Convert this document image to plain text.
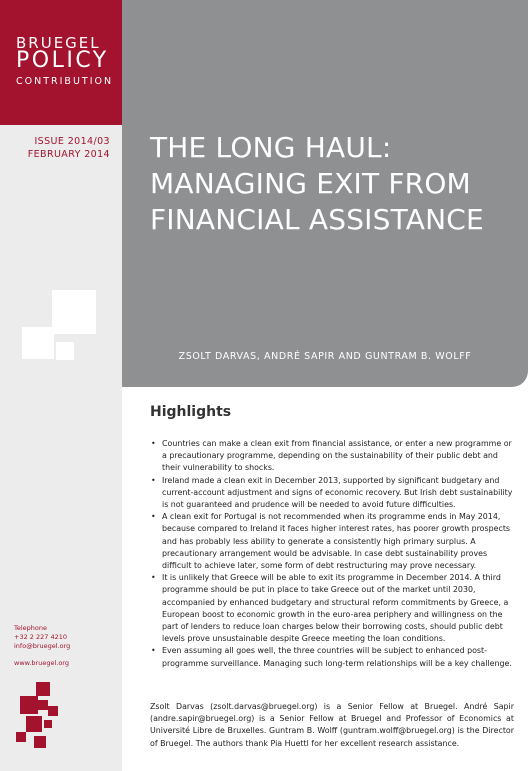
BRUEGEL
POLICY
CONTRIBUTION
ISSUE 2014/03
FEBRUARY 2014
Telephone
+32 2 227 4210
info@bruegel.org
www.bruegel.org
THE LONG HAUL:
MANAGING EXIT FROM
FINANCIAL ASSISTANCE
ZSOLT DARVAS, ANDRÉ SAPIR AND GUNTRAM B. WOLFF
Highlights
• Countries can make a clean exit from financial assistance, or enter a new programme or a precautionary programme, depending on the sustainability of their public debt and their vulnerability to shocks.
• Ireland made a clean exit in December 2013, supported by significant budgetary and current-account adjustment and signs of economic recovery. But Irish debt sustainability is not guaranteed and prudence will be needed to avoid future difficulties.
• A clean exit for Portugal is not recommended when its programme ends in May 2014, because compared to Ireland it faces higher interest rates, has poorer growth prospects and has probably less ability to generate a consistently high primary surplus. A precautionary arrangement would be advisable. In case debt sustainability proves difficult to achieve later, some form of debt restructuring may prove necessary.
• It is unlikely that Greece will be able to exit its programme in December 2014. A third programme should be put in place to take Greece out of the market until 2030, accompanied by enhanced budgetary and structural reform commitments by Greece, a European boost to economic growth in the euro-area periphery and willingness on the part of lenders to reduce loan charges below their borrowing costs, should public debt levels prove unsustainable despite Greece meeting the loan conditions.
• Even assuming all goes well, the three countries will be subject to enhanced post-programme surveillance. Managing such long-term relationships will be a key challenge.

Zsolt Darvas (zsolt.darvas@bruegel.org) is a Senior Fellow at Bruegel. André Sapir (andre.sapir@bruegel.org) is a Senior Fellow at Bruegel and Professor of Economics at Université Libre de Bruxelles. Guntram B. Wolff (guntram.wolff@bruegel.org) is the Director of Bruegel. The authors thank Pia Huettl for her excellent research assistance.
